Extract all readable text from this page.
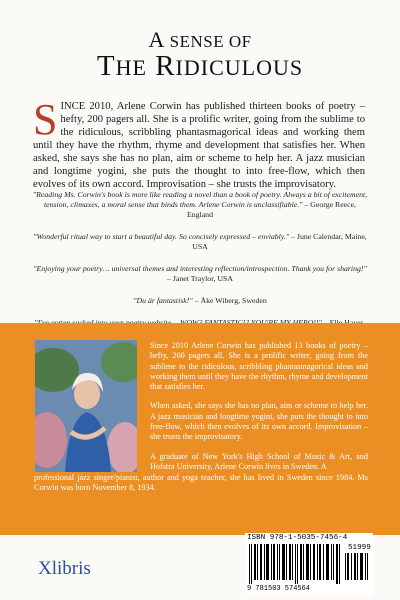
A SENSE OF
THE RIDICULOUS
SINCE 2010, Arlene Corwin has published thirteen books of poetry – hefty, 200 pagers all. She is a prolific writer, going from the sublime to the ridiculous, scribbling phantasmagorical ideas and working them until they have the rhythm, rhyme and development that satisfies her. When asked, she says she has no plan, aim or scheme to help her. A jazz musician and longtime yogini, she puts the thought to into free-flow, which then evolves of its own accord. Improvisation – she trusts the improvisatory.
"Reading Ms. Corwin's book is more like reading a novel than a book of poetry. Always a bit of excitement, tension, climaxes, a moral sense that binds them. Arlene Corwin is unclassifiable." – George Reece, England
"Wonderful ritual way to start a beautiful day. So concisely expressed – enviably." – June Calendar, Maine, USA
"Enjoying your poetry… universal themes and interesting reflection/introspection. Thank you for sharing!" – Janet Traylor, USA
"Du är fantastisk!" – Åke Wiberg, Sweden

Since 2010 Arlene Corwin has published 13 books of poetry – hefty, 200 pagers all. She is a prolific writer, going from the sublime to the ridiculous, scribbling phantasmagorical ideas and working them until they have the rhythm, rhyme and development that satisfies her.

When asked, she says she has no plan, aim or scheme to help her. A jazz musician and longtime yogini, she puts the thought to into free-flow, which then evolves of its own accord. Improvisation – she trusts the improvisatory.

A graduate of New York's High School of Music & Art, and Hofstra University, Arlene Corwin lives in Sweden. A

professional jazz singer/pianist, author and yoga teacher, she has lived in Sweden since 1984. Ms Corwin was born November 8, 1934.
Xlibris
ISBN 978-1-5035-7456-4
51999
9 781503 574564
